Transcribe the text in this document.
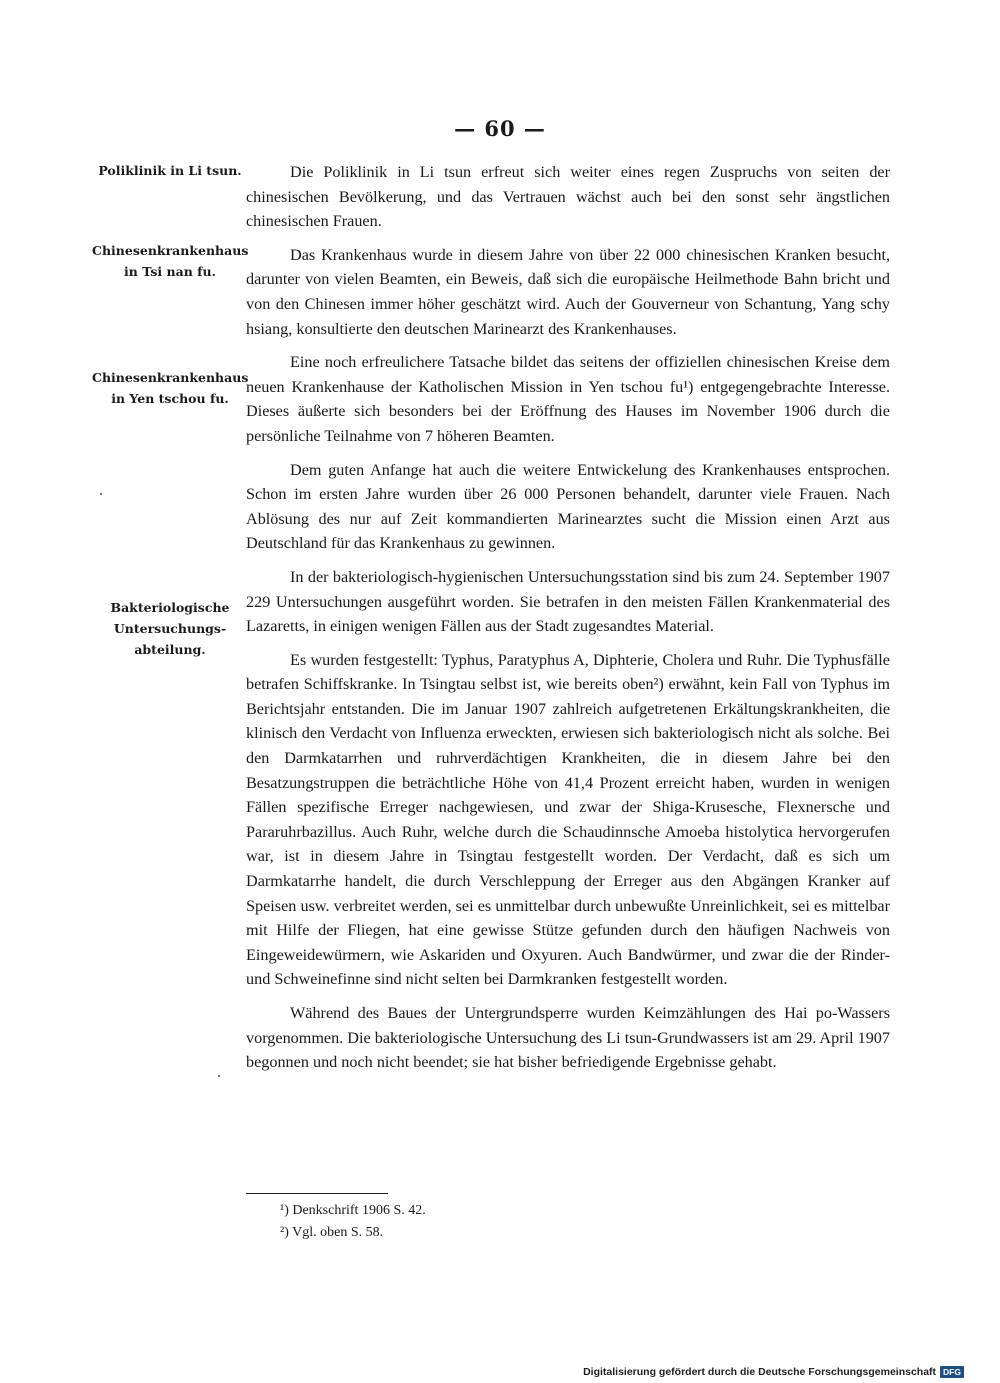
— 60 —
Poliklinik in Li tsun.
Chinesenkrankenhaus in Tsi nan fu.
Chinesenkrankenhaus in Yen tschou fu.
Bakteriologische Untersuchungs- abteilung.

Die Poliklinik in Li tsun erfreut sich weiter eines regen Zuspruchs von seiten der chinesischen Bevölkerung, und das Vertrauen wächst auch bei den sonst sehr ängstlichen chinesischen Frauen.

Das Krankenhaus wurde in diesem Jahre von über 22 000 chinesischen Kranken besucht, darunter von vielen Beamten, ein Beweis, daß sich die europäische Heilmethode Bahn bricht und von den Chinesen immer höher geschätzt wird. Auch der Gouverneur von Schantung, Yang schy hsiang, konsultierte den deutschen Marinearzt des Krankenhauses.

Eine noch erfreulichere Tatsache bildet das seitens der offiziellen chinesischen Kreise dem neuen Krankenhause der Katholischen Mission in Yen tschou fu¹) entgegengebrachte Interesse. Dieses äußerte sich besonders bei der Eröffnung des Hauses im November 1906 durch die persönliche Teilnahme von 7 höheren Beamten.

Dem guten Anfange hat auch die weitere Entwickelung des Krankenhauses entsprochen. Schon im ersten Jahre wurden über 26 000 Personen behandelt, darunter viele Frauen. Nach Ablösung des nur auf Zeit kommandierten Marinearztes sucht die Mission einen Arzt aus Deutschland für das Krankenhaus zu gewinnen.

In der bakteriologisch-hygienischen Untersuchungsstation sind bis zum 24. September 1907 229 Untersuchungen ausgeführt worden. Sie betrafen in den meisten Fällen Krankenmaterial des Lazaretts, in einigen wenigen Fällen aus der Stadt zugesandtes Material.

Es wurden festgestellt: Typhus, Paratyphus A, Diphterie, Cholera und Ruhr. Die Typhusfälle betrafen Schiffskranke. In Tsingtau selbst ist, wie bereits oben²) erwähnt, kein Fall von Typhus im Berichtsjahr entstanden. Die im Januar 1907 zahlreich aufgetretenen Erkältungskrankheiten, die klinisch den Verdacht von Influenza erweckten, erwiesen sich bakteriologisch nicht als solche. Bei den Darmkatarrhen und ruhrverdächtigen Krankheiten, die in diesem Jahre bei den Besatzungstruppen die beträchtliche Höhe von 41,4 Prozent erreicht haben, wurden in wenigen Fällen spezifische Erreger nachgewiesen, und zwar der Shiga-Krusesche, Flexnersche und Pararuhrbazillus. Auch Ruhr, welche durch die Schaudinnsche Amoeba histolytica hervorgerufen war, ist in diesem Jahre in Tsingtau festgestellt worden. Der Verdacht, daß es sich um Darmkatarrhe handelt, die durch Verschleppung der Erreger aus den Abgängen Kranker auf Speisen usw. verbreitet werden, sei es unmittelbar durch unbewußte Unreinlichkeit, sei es mittelbar mit Hilfe der Fliegen, hat eine gewisse Stütze gefunden durch den häufigen Nachweis von Eingeweidewürmern, wie Askariden und Oxyuren. Auch Bandwürmer, und zwar die der Rinder- und Schweinefinne sind nicht selten bei Darmkranken festgestellt worden.

Während des Baues der Untergrundsperre wurden Keimzählungen des Hai po-Wassers vorgenommen. Die bakteriologische Untersuchung des Li tsun-Grundwassers ist am 29. April 1907 begonnen und noch nicht beendet; sie hat bisher befriedigende Ergebnisse gehabt.

¹) Denkschrift 1906 S. 42.
²) Vgl. oben S. 58.
Digitalisierung gefördert durch die Deutsche Forschungsgemeinschaft DFG
